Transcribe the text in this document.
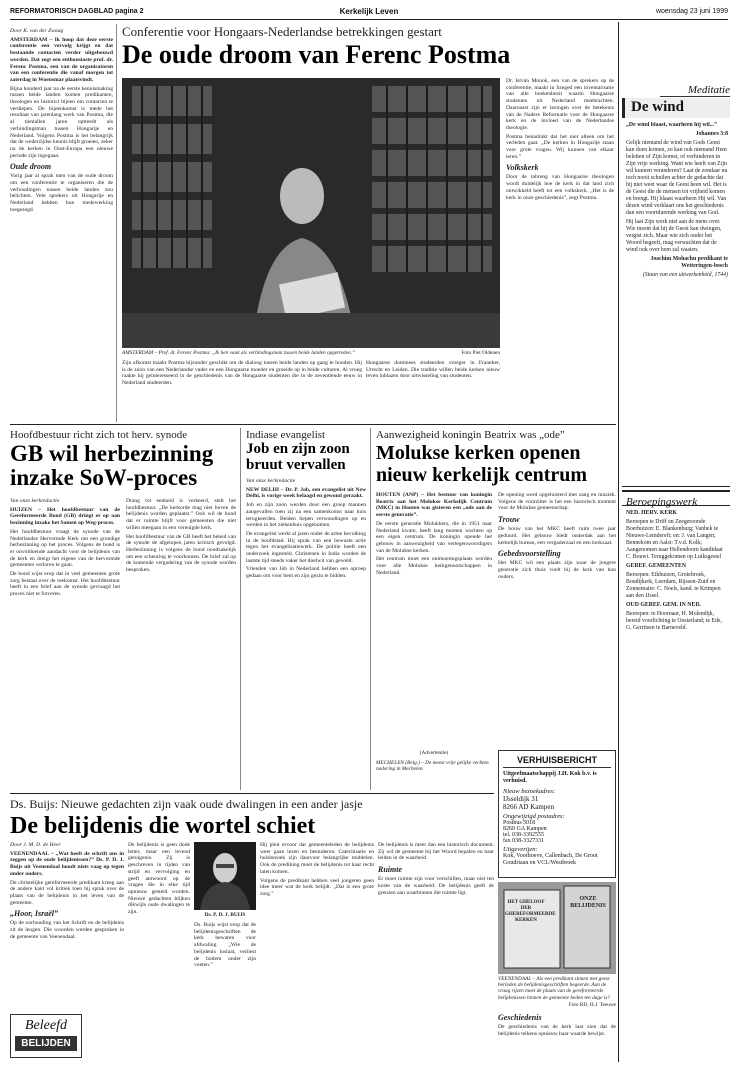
REFORMATORISCH DAGBLAD pagina 2	Kerkelijk Leven	woensdag 23 juni 1999

Door K. van der Zwaag

AMSTERDAM – Ik hoop dat deze eerste conferentie een vervolg krijgt en dat bestaande contacten verder uitgebouwd worden. Dat zegt een enthousiaste prof. dr. Ferenc Postma, een van de organisatoren van een conferentie die vanaf morgen tot zaterdag in Woensmar plaatsvindt.

Bijna honderd jaar na de eerste kennismaking tussen beide landen komen predikanten, theologen en historici bijeen om contacten te verdiepen. De bijeenkomst is mede het resultaat van jarenlang werk van Postma, die al tientallen jaren optreedt als verbindingsman tussen Hongarije en Nederland. Volgens Postma is het belangrijk dat de wederzijdse kennis blijft groeien, zeker nu de kerken in Oost-Europa een nieuwe periode zijn ingegaan.

Oude droom

Vorig jaar al sprak men van de oude droom om een conferentie te organiseren die de verhoudingen tussen beide landen zou belichten. Vele sprekers uit Hongarije en Nederland hebben hun medewerking toegezegd.

Conferentie voor Hongaars-Nederlandse betrekkingen gestart
De oude droom van Ferenc Postma
AMSTERDAM – Prof. dr. Ferenc Postma: „Ik ben vaak als verbindingsman tussen beide landen opgetreden.”	Foto Piet Oldenen

Zijn afkomst maakt Postma bijzonder geschikt om de dialoog tussen beide landen op gang te houden. Hij is de zoon van een Nederlandse vader en een Hongaarse moeder en groeide op in beide culturen. Al vroeg raakte hij geïnteresseerd in de geschiedenis van de Hongaarse studenten die in de zeventiende eeuw in Nederland studeerden.

Hongaarse dominees studeerden vroeger in Franeker, Utrecht en Leiden. Die traditie willen beide kerken nieuw leven inblazen door uitwisseling van studenten.

Dr. István Monok, een van de sprekers op de conferentie, maakt in Szeged een inventarisatie van alle boekenbezit waarin Hongaarse studenten uit Nederland meebrachten. Daarnaast zijn er lezingen over de betekenis van de Nadere Reformatie voor de Hongaarse kerk en de invloed van de Nederlandse theologie.

Postma benadrukt dat het niet alleen om het verleden gaat. „De kerken in Hongarije staan voor grote vragen. Wij kunnen van elkaar leren.”

Volkskerk

Door de inbreng van Hongaarse theologen wordt duidelijk hoe de kerk in dat land zich ontwikkeld heeft tot een volkskerk. „Het is de kerk in onze geschiedenis”, zegt Postma.

Hoofdbestuur richt zich tot herv. synode
GB wil herbezinning inzake SoW-proces

Van onze kerkredactie

HUIZEN – Het hoofdbestuur van de Gereformeerde Bond (GB) dringt er op aan bezinning inzake het Samen op Weg-proces.

Het hoofdbestuur vraagt de synode van de Nederlandse Hervormde Kerk om een grondige herbezinning op het proces. Volgens de bond is er onvoldoende aandacht voor de belijdenis van de kerk en dreigt het eigene van de hervormde gemeenten verloren te gaan.

De bond wijst erop dat in veel gemeenten grote zorg bestaat over de toekomst. Het hoofdbestuur heeft in een brief aan de synode gevraagd het proces niet te forceren.

Drang tot eenheid is verkeerd, stelt het hoofdbestuur. „De kerkorde mag niet boven de belijdenis worden geplaatst.” Ook wil de bond dat er ruimte blijft voor gemeenten die niet willen meegaan in een verenigde kerk.

Het hoofdbestuur van de GB heeft het beleid van de synode de afgelopen jaren kritisch gevolgd. Herbezinning is volgens de bond noodzakelijk om een scheuring te voorkomen. De brief zal op de komende vergadering van de synode worden besproken.

Indiase evangelist
Job en zijn zoon bruut vervallen

Van onze kerkredactie

NEW DELHI – Dr. P. Job, een evangelist uit New Delhi, is vorige week belaagd en gewond geraakt.

Job en zijn zoon werden door een groep mannen aangevallen toen zij na een samenkomst naar huis terugkeerden. Beiden liepen verwondingen op en werden in het ziekenhuis opgenomen.

De evangelist werkt al jaren onder de arme bevolking in de hoofdstad. Hij sprak van een bewuste actie tegen het evangelisatiewerk. De politie heeft een onderzoek ingesteld. Christenen in India worden de laatste tijd steeds vaker het doelwit van geweld.

Vrienden van Job in Nederland hebben een oproep gedaan om voor hem en zijn gezin te bidden.

Aanwezigheid koningin Beatrix was „ode”
Molukse kerken openen nieuw kerkelijk centrum

HOUTEN (ANP) – Het bestuur van koningin Beatrix aan het Molukse Kerkelijk Centrum (MKC) in Houten was gisteren een „ode aan de eerste generatie”.

De eerste generatie Molukkers, die in 1951 naar Nederland kwam, heeft lang moeten wachten op een eigen centrum. De koningin opende het gebouw in aanwezigheid van vertegenwoordigers van de Molukse kerken.

Het centrum moet een ontmoetingsplaats worden voor alle Molukse kerkgenootschappen in Nederland.

De opening werd opgeluisterd met zang en muziek. Volgens de voorzitter is het een historisch moment voor de Molukse gemeenschap.

Trouw

De bouw van het MKC heeft ruim twee jaar geduurd. Het gebouw biedt onderdak aan het kerkelijk bureau, een vergaderzaal en een kerkzaal.

Gebedsvoorstelling

Het MKC wil een plaats zijn waar de jongere generatie zich thuis voelt bij de kerk van hun ouders.

VERHUISBERICHT
Uitgeefmaatschappij J.H. Kok b.v. is verhuisd.
Nieuw bezoekadres:
IJsseldijk 31
8266 AD Kampen
Ongewijzigd postadres:
Postbus 5018
8260 GA Kampen
tel. 038-3392555
fax 038-3327331
Uitgeverijen:
Kok, Voorhoeve, Callenbach, De Groot Goudriaan en VCL/Westbroek
(Advertentie)
MECHELEN (Belg.) – De meest vrije gelijke vechten nadering in Mechelen.
Ds. Buijs: Nieuwe gedachten zijn vaak oude dwalingen in een ander jasje
De belijdenis die wortel schiet

Door J. M. D. de Heer

VEENENDAAL – „Wat heeft de schrift ons in zeggen op de oude belijdenissen?” Ds. P. D. J. Buijs uit Veenendaal houdt niets vaag op tegen onder ouders.

De christelijke gereformeerde predikant kreeg aan de andere kant vol kritiek toen hij sprak over de plaats van de belijdenis in het leven van de gemeente.

„Hoor, Israël”

Op de oorbouding van het Schrift en de belijdenis zit de leugen. Die woorden werden gesproken in de gemeente van Veenendaal.

De belijdenis is geen dode letter, maar een levend getuigenis. Zij is geschreven in tijden van strijd en vervolging en geeft antwoord op de vragen die in elke tijd opnieuw gesteld worden. Nieuwe gedachten blijken dikwijls oude dwalingen te zijn.	Ds. P. D. J. BUIJS

Ds. Buijs wijst erop dat de belijdenisgeschriften de kerk bewaren voor afdwaling. „Wie de belijdenis loslaat, verliest de bodem onder zijn voeten.”

Hij pleit ervoor dat gemeenteleden de belijdenis weer gaan lezen en bestuderen. Catechisatie en huisbezoek zijn daarvoor belangrijke middelen. Ook de prediking moet de belijdenis tot haar recht laten komen.

Volgens de predikant hebben veel jongeren geen idee meer wat de kerk belijdt. „Dat is een grote zorg.”

De belijdenis is meer dan een historisch document. Zij wil de gemeente bij het Woord bepalen en haar leiden in de waarheid.

Ruimte

Er moet ruimte zijn voor verschillen, maar niet ten koste van de waarheid. De belijdenis geeft de grenzen aan waarbinnen die ruimte ligt.

HET GHELOOF DER GHEREFORMEERDE KERKEN
ONZE BELIJDENIS
VEENENDAAL – Als een predikant sinnen met geest herleden de belijdenisgeschriften begeerde. Aan de vraag rijzen moet de plaats van de gereformeerde belijdenissen binnen de gemeente heden ten dage is?
Foto RD, H.J. Teeuwe

Geschiedenis

De geschiedenis van de kerk laat zien dat de belijdenis telkens opnieuw haar waarde bewijst.

Beleefd
BELIJDEN
Meditatie
De wind

„De wind blaast, waarheen hij wil...”

Johannes 3:8

Gelijk niemand de wind van Gods Geest kan doen komen, zo kan ook niemand Hem beletten of Zijn komst, of verhinderen in Zijn vrije werking. Want wie heeft van Zijn wil kunnen veranderen? Laat de zondaar nu toch nooit schuilen achter de gedachte dat hij niet weet waar de Geest heen wil. Het is de Geest die de mensen tot vrijheid komen en brengt. Hij blaast waarheen Hij wil. Van dezen wind verklaart ons het geschiedenis dan een voortdurende werking van God.

Hij laat Zijn werk niet aan de mens over. Wie meent dat hij de Geest kan dwingen, vergist zich. Maar wie zich onder het Woord begeeft, mag verwachten dat de wind ook over hem zal waaien.

Joachim Mohachu predikant te Wetteringen-bosch

(Staan van een uitwerkenheid, 1744)

Beroepingswerk

NED. HERV. KERK

Beroepen te Driff en Zeegeroonde Boerhuizen: E. Blankenburg; Vanhek te Nieuwe-Lemdereft; en: J. van Langen; Bennekom en Aalst: T.v.d. Kolk; Aangenomen naar Hellendoorn kandidaat C. Bouwt. Teruggekomen op Luiksgestel

GEREF. GEMEENTEN

Beroepen: Eikhuizen, Grotebroek, Boudijkerk, Leerdam, Rijssen-Zuid en Zonnemaire: C. Noels, kand. te Krimpen aan den IJssel.

OUD GEREF. GEM. IN NED.

Beroepen: te Hoornaar, H. Molendijk, bereid voorlichting te Oosterland; te Ede, G. Gerritsen te Barneveld.
